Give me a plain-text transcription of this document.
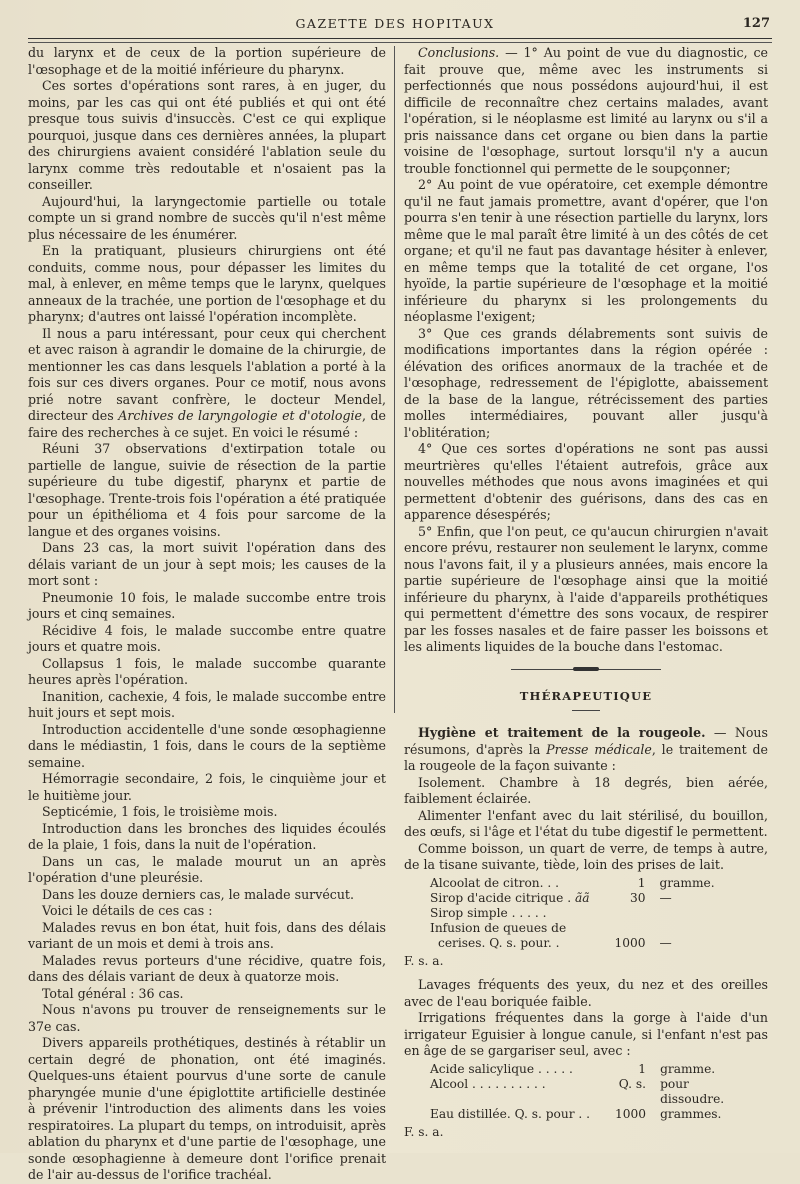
GAZETTE DES HOPITAUX	127

du larynx et de ceux de la portion supérieure de l'œsophage et de la moitié inférieure du pharynx.

Ces sortes d'opérations sont rares, à en juger, du moins, par les cas qui ont été publiés et qui ont été presque tous suivis d'insuccès. C'est ce qui explique pourquoi, jusque dans ces dernières années, la plupart des chirurgiens avaient considéré l'ablation seule du larynx comme très redoutable et n'osaient pas la conseiller.

Aujourd'hui, la laryngectomie partielle ou totale compte un si grand nombre de succès qu'il n'est même plus nécessaire de les énumérer.

En la pratiquant, plusieurs chirurgiens ont été conduits, comme nous, pour dépasser les limites du mal, à enlever, en même temps que le larynx, quelques anneaux de la trachée, une portion de l'œsophage et du pharynx; d'autres ont laissé l'opération incomplète.

Il nous a paru intéressant, pour ceux qui cherchent et avec raison à agrandir le domaine de la chirurgie, de mentionner les cas dans lesquels l'ablation a porté à la fois sur ces divers organes. Pour ce motif, nous avons prié notre savant confrère, le docteur Mendel, directeur des Archives de laryngologie et d'otologie, de faire des recherches à ce sujet. En voici le résumé :

Réuni 37 observations d'extirpation totale ou partielle de langue, suivie de résection de la partie supérieure du tube digestif, pharynx et partie de l'œsophage. Trente-trois fois l'opération a été pratiquée pour un épithélioma et 4 fois pour sarcome de la langue et des organes voisins.

Dans 23 cas, la mort suivit l'opération dans des délais variant de un jour à sept mois; les causes de la mort sont :

Pneumonie 10 fois, le malade succombe entre trois jours et cinq semaines.

Récidive 4 fois, le malade succombe entre quatre jours et quatre mois.

Collapsus 1 fois, le malade succombe quarante heures après l'opération.

Inanition, cachexie, 4 fois, le malade succombe entre huit jours et sept mois.

Introduction accidentelle d'une sonde œsophagienne dans le médiastin, 1 fois, dans le cours de la septième semaine.

Hémorragie secondaire, 2 fois, le cinquième jour et le huitième jour.

Septicémie, 1 fois, le troisième mois.

Introduction dans les bronches des liquides écoulés de la plaie, 1 fois, dans la nuit de l'opération.

Dans un cas, le malade mourut un an après l'opération d'une pleurésie.

Dans les douze derniers cas, le malade survécut.

Voici le détails de ces cas :

Malades revus en bon état, huit fois, dans des délais variant de un mois et demi à trois ans.

Malades revus porteurs d'une récidive, quatre fois, dans des délais variant de deux à quatorze mois.

Total général : 36 cas.

Nous n'avons pu trouver de renseignements sur le 37e cas.

Divers appareils prothétiques, destinés à rétablir un certain degré de phonation, ont été imaginés. Quelques-uns étaient pourvus d'une sorte de canule pharyngée munie d'une épiglottite artificielle destinée à prévenir l'introduction des aliments dans les voies respiratoires. La plupart du temps, on introduisit, après ablation du pharynx et d'une partie de l'œsophage, une sonde œsophagienne à demeure dont l'orifice prenait de l'air au-dessus de l'orifice trachéal.

Conclusions. — 1° Au point de vue du diagnostic, ce fait prouve que, même avec les instruments si perfectionnés que nous possédons aujourd'hui, il est difficile de reconnaître chez certains malades, avant l'opération, si le néoplasme est limité au larynx ou s'il a pris naissance dans cet organe ou bien dans la partie voisine de l'œsophage, surtout lorsqu'il n'y a aucun trouble fonctionnel qui permette de le soupçonner;

2° Au point de vue opératoire, cet exemple démontre qu'il ne faut jamais promettre, avant d'opérer, que l'on pourra s'en tenir à une résection partielle du larynx, lors même que le mal paraît être limité à un des côtés de cet organe; et qu'il ne faut pas davantage hésiter à enlever, en même temps que la totalité de cet organe, l'os hyoïde, la partie supérieure de l'œsophage et la moitié inférieure du pharynx si les prolongements du néoplasme l'exigent;

3° Que ces grands délabrements sont suivis de modifications importantes dans la région opérée : élévation des orifices anormaux de la trachée et de l'œsophage, redressement de l'épiglotte, abaissement de la base de la langue, rétrécissement des parties molles intermédiaires, pouvant aller jusqu'à l'oblitération;

4° Que ces sortes d'opérations ne sont pas aussi meurtrières qu'elles l'étaient autrefois, grâce aux nouvelles méthodes que nous avons imaginées et qui permettent d'obtenir des guérisons, dans des cas en apparence désespérés;

5° Enfin, que l'on peut, ce qu'aucun chirurgien n'avait encore prévu, restaurer non seulement le larynx, comme nous l'avons fait, il y a plusieurs années, mais encore la partie supérieure de l'œsophage ainsi que la moitié inférieure du pharynx, à l'aide d'appareils prothétiques qui permettent d'émettre des sons vocaux, de respirer par les fosses nasales et de faire passer les boissons et les aliments liquides de la bouche dans l'estomac.

THÉRAPEUTIQUE

Hygiène et traitement de la rougeole. — Nous résumons, d'après la Presse médicale, le traitement de la rougeole de la façon suivante :

Isolement. Chambre à 18 degrés, bien aérée, faiblement éclairée.

Alimenter l'enfant avec du lait stérilisé, du bouillon, des œufs, si l'âge et l'état du tube digestif le permettent.

Comme boisson, un quart de verre, de temps à autre, de la tisane suivante, tiède, loin des prises de lait.

Alcoolat de citron. . .	1	gramme.
Sirop d'acide citrique . ãã	30	—
Sirop simple . . . . .		
Infusion de queues de		
cerises. Q. s. pour. .	1000	—
F. s. a.

Lavages fréquents des yeux, du nez et des oreilles avec de l'eau boriquée faible.

Irrigations fréquentes dans la gorge à l'aide d'un irrigateur Eguisier à longue canule, si l'enfant n'est pas en âge de se gargariser seul, avec :

Acide salicylique . . . . .	1	gramme.
Alcool . . . . . . . . . .	Q. s.	pour dissoudre.
Eau distillée. Q. s. pour . .	1000	grammes.
F. s. a.
